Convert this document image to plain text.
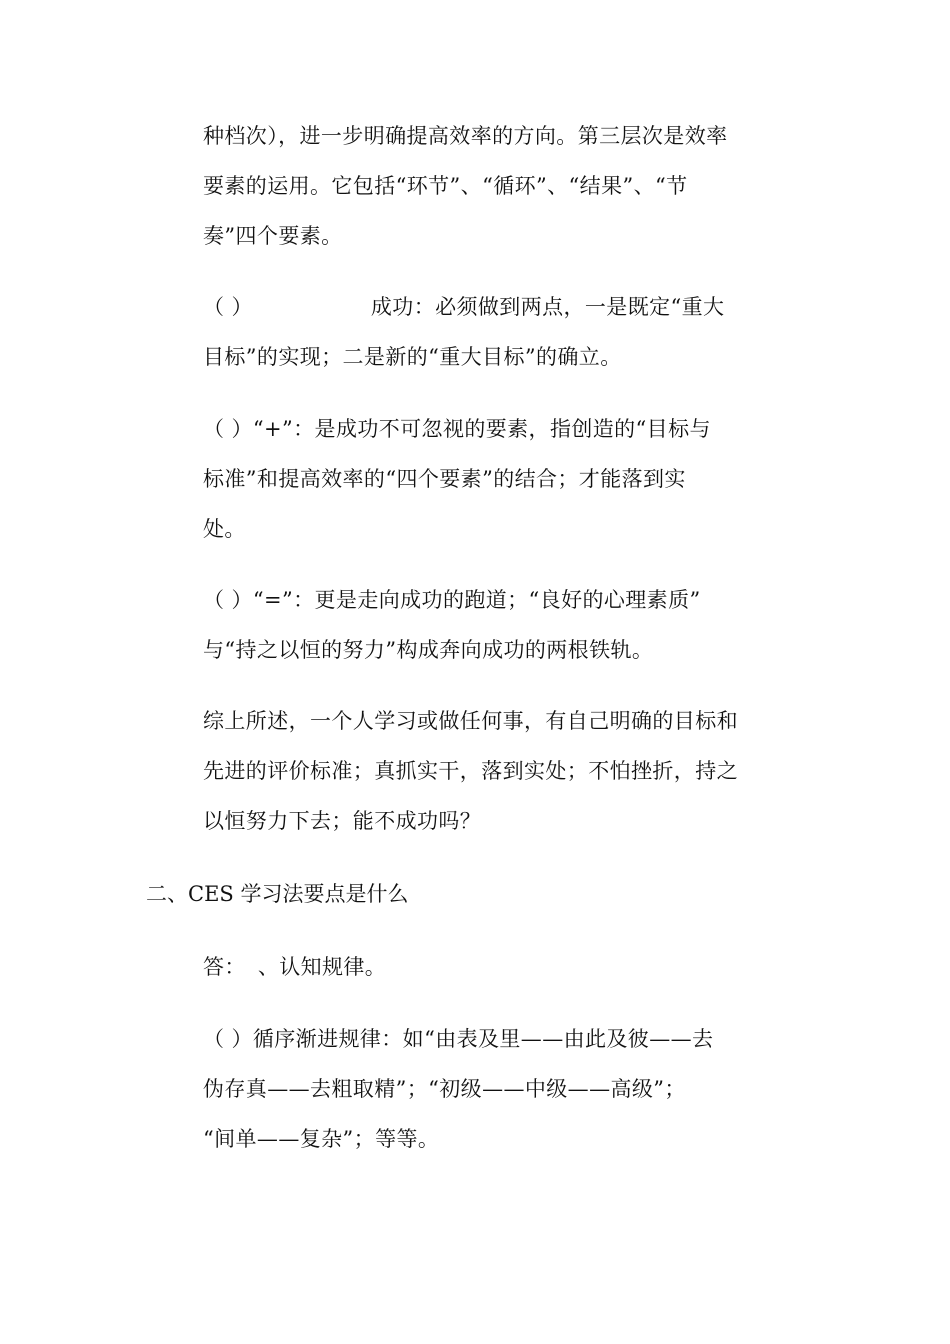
种档次），进一步明确提高效率的方向。第三层次是效率
要素的运用。它包括“环节”、“循环”、“结果”、“节
奏”四个要素。
（ ）	成功：必须做到两点，一是既定“重大
目标”的实现；二是新的“重大目标”的确立。
（ ）“+”：是成功不可忽视的要素，指创造的“目标与
标准”和提高效率的“四个要素”的结合；才能落到实
处。
（ ）“=”：更是走向成功的跑道；“良好的心理素质”
与“持之以恒的努力”构成奔向成功的两根铁轨。
综上所述，一个人学习或做任何事，有自己明确的目标和
先进的评价标准；真抓实干，落到实处；不怕挫折，持之
以恒努力下去；能不成功吗？
二、CES 学习法要点是什么
答： 、认知规律。
（ ）循序渐进规律：如“由表及里——由此及彼——去
伪存真——去粗取精”；“初级——中级——高级”；
“间单——复杂”；等等。
